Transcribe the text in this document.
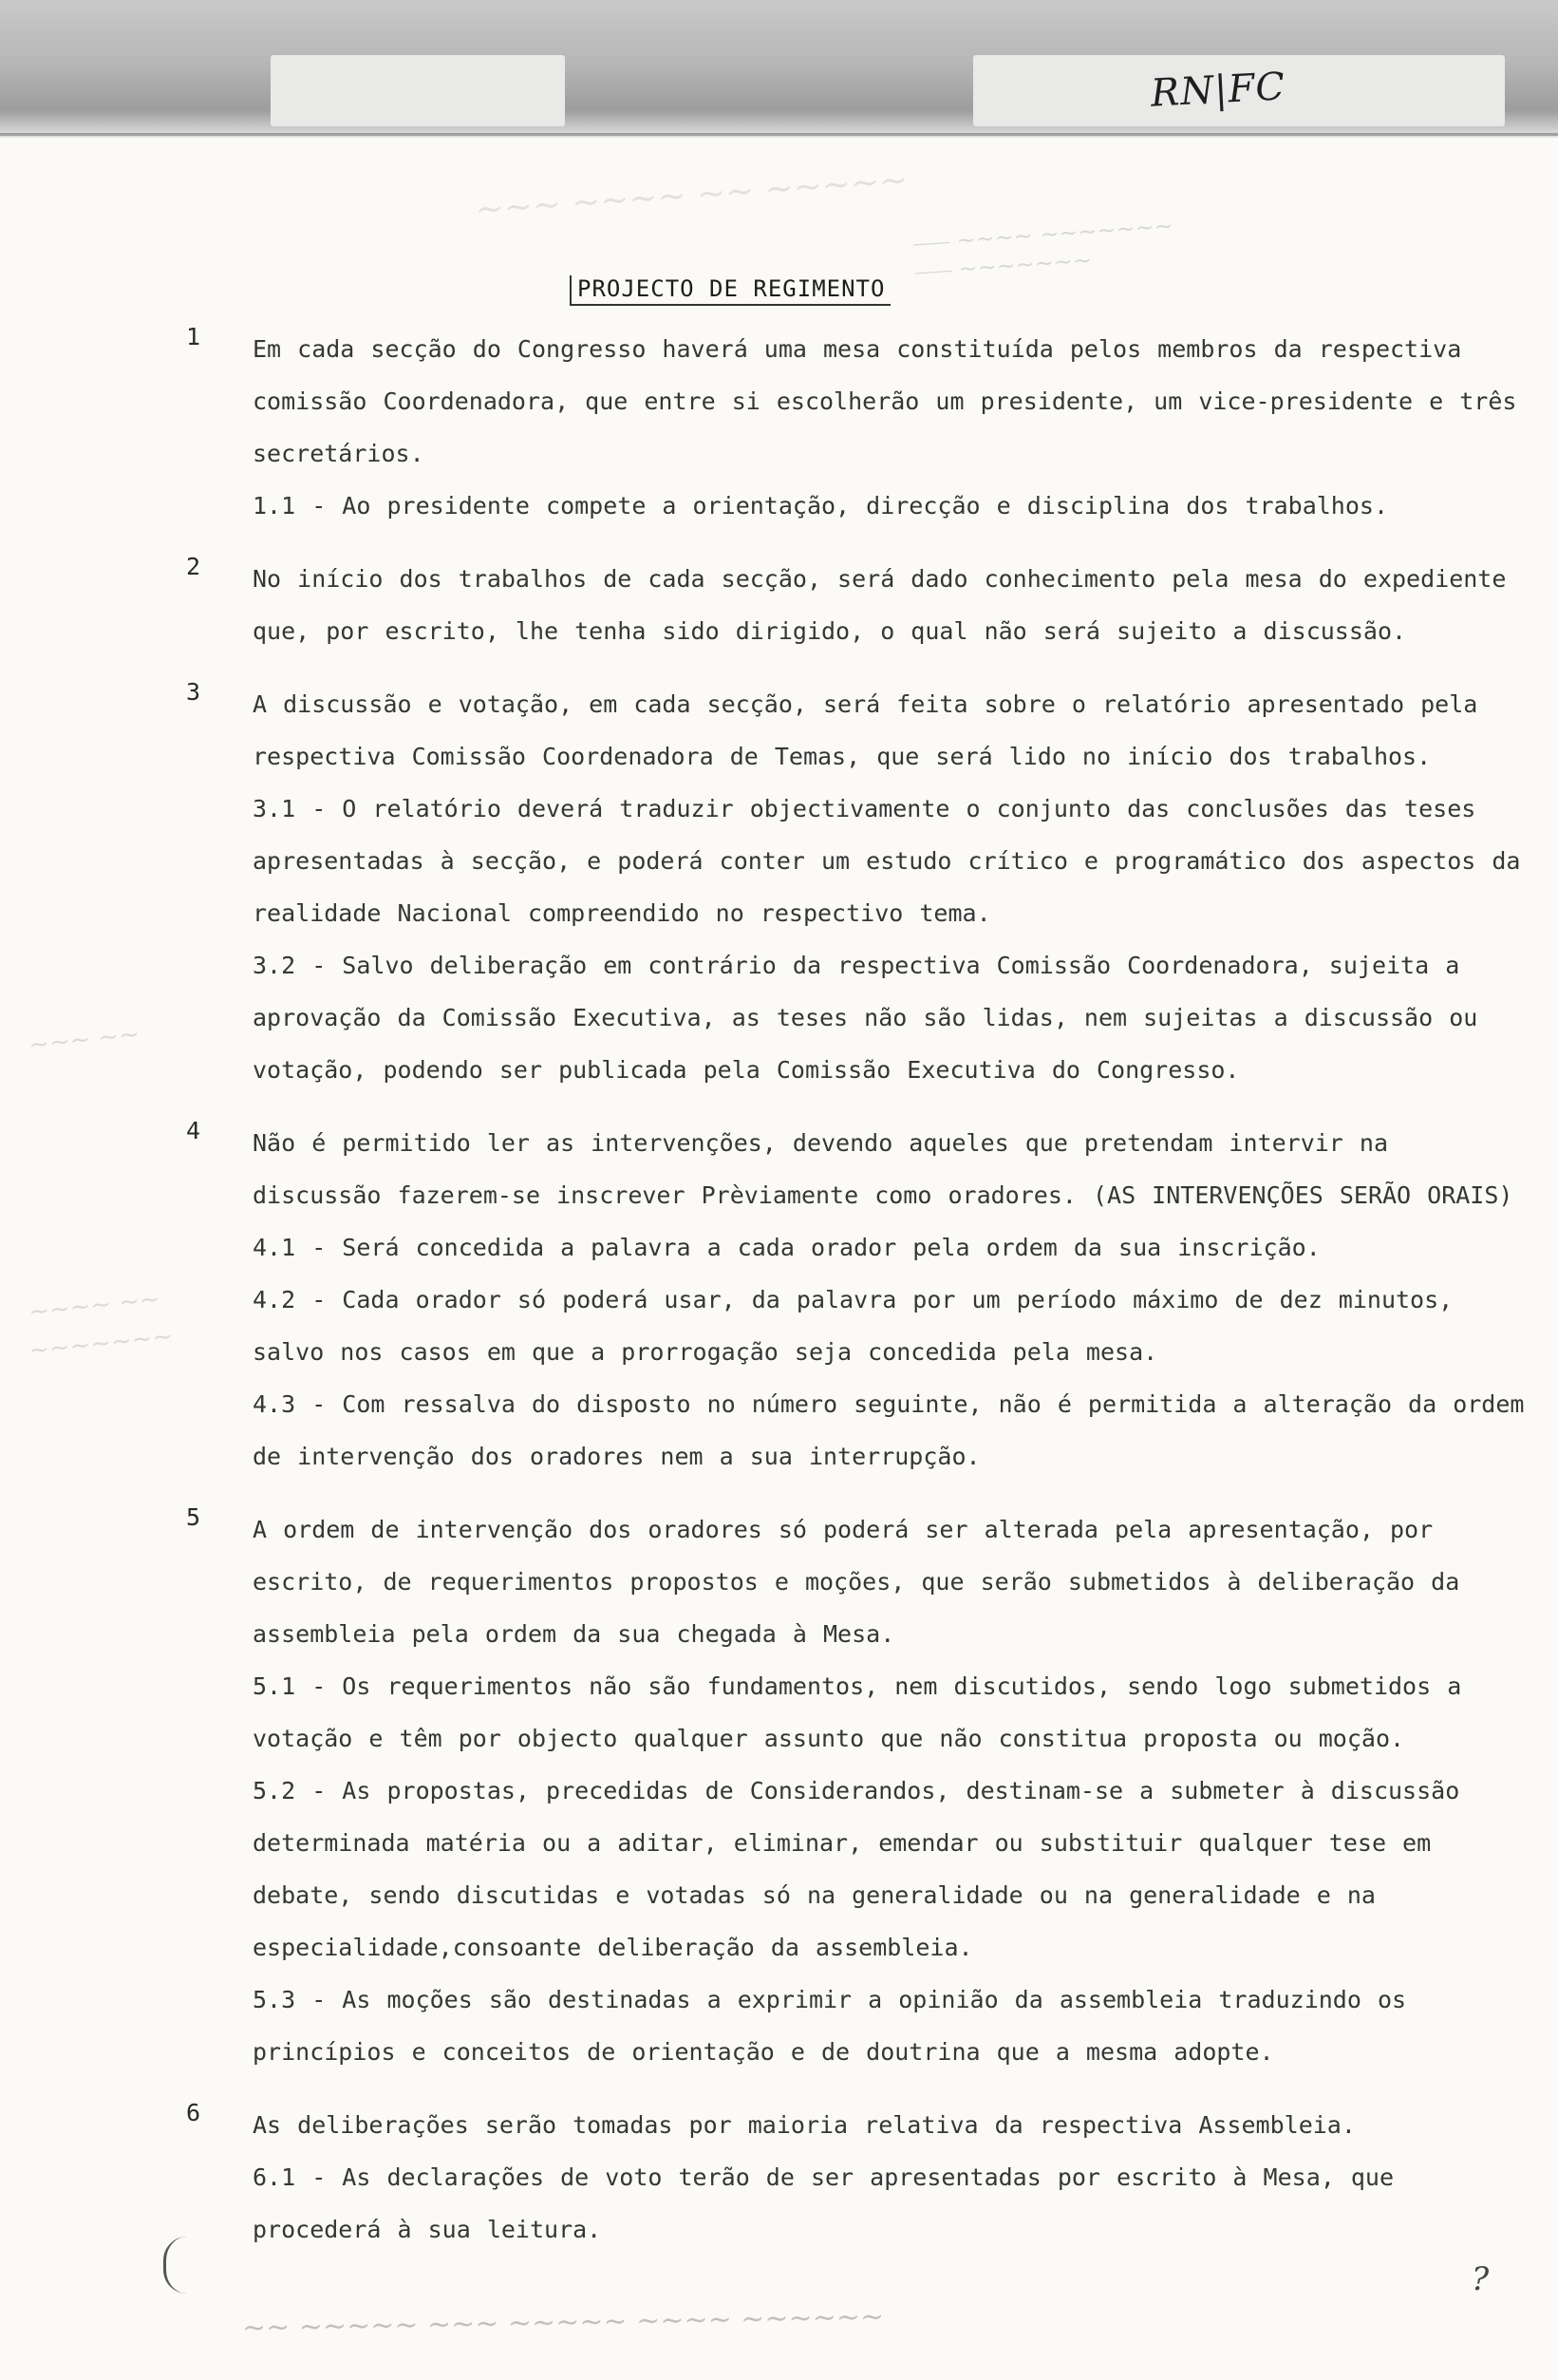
RN|FC
~~~ ~~~~ ~~ ~~~~~
⸺ ~~~~ ~~~~~~~
⸺ ~~~~~~~
~~~ ~~
~~~~ ~~
~~~~~~~
~~ ~~~~~ ~~~ ~~~~~ ~~~~ ~~~~~~
?
PROJECTO DE REGIMENTO
1	Em cada secção do Congresso haverá uma mesa constituída pelos membros da respectiva comissão Coordenadora, que entre si escolherão um presidente, um vice-presidente e três secretários.

1.1 - Ao presidente compete a orientação, direcção e disciplina dos trabalhos.

2	No início dos trabalhos de cada secção, será dado conhecimento pela mesa do expediente que, por escrito, lhe tenha sido dirigido, o qual não será sujeito a discussão.

3	A discussão e votação, em cada secção, será feita sobre o relatório apresentado pela respectiva Comissão Coordenadora de Temas, que será lido no início dos trabalhos.

3.1 - O relatório deverá traduzir objectivamente o conjunto das conclusões das teses apresentadas à secção, e poderá conter um estudo crítico e programático dos aspectos da realidade Nacional compreendido no respectivo tema.

3.2 - Salvo deliberação em contrário da respectiva Comissão Coordenadora, sujeita a aprovação da Comissão Executiva, as teses não são lidas, nem sujeitas a discussão ou votação, podendo ser publicada pela Comissão Executiva do Congresso.

4	Não é permitido ler as intervenções, devendo aqueles que pretendam intervir na discussão fazerem-se inscrever Prèviamente como oradores. (AS INTERVENÇÕES SERÃO ORAIS)

4.1 - Será concedida a palavra a cada orador pela ordem da sua inscrição.

4.2 - Cada orador só poderá usar, da palavra por um período máximo de dez minutos, salvo nos casos em que a prorrogação seja concedida pela mesa.

4.3 - Com ressalva do disposto no número seguinte, não é permitida a alteração da ordem de intervenção dos oradores nem a sua interrupção.

5	A ordem de intervenção dos oradores só poderá ser alterada pela apresentação, por escrito, de requerimentos propostos e moções, que serão submetidos à deliberação da assembleia pela ordem da sua chegada à Mesa.

5.1 - Os requerimentos não são fundamentos, nem discutidos, sendo logo submetidos a votação e têm por objecto qualquer assunto que não constitua proposta ou moção.

5.2 - As propostas, precedidas de Considerandos, destinam-se a submeter à discussão determinada matéria ou a aditar, eliminar, emendar ou substituir qualquer tese em debate, sendo discutidas e votadas só na generalidade ou na generalidade e na especialidade,consoante deliberação da assembleia.

5.3 - As moções são destinadas a exprimir a opinião da assembleia traduzindo os princípios e conceitos de orientação e de doutrina que a mesma adopte.

6	As deliberações serão tomadas por maioria relativa da respectiva Assembleia.

6.1 - As declarações de voto terão de ser apresentadas por escrito à Mesa, que procederá à sua leitura.
